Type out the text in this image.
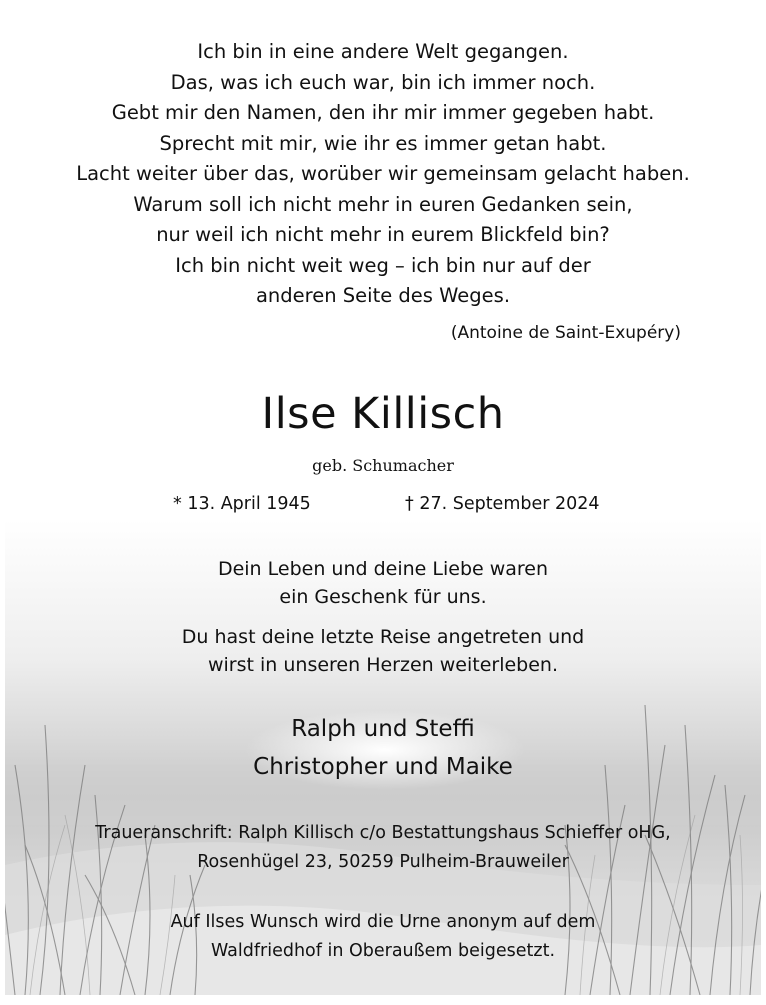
Ich bin in eine andere Welt gegangen.
Das, was ich euch war, bin ich immer noch.
Gebt mir den Namen, den ihr mir immer gegeben habt.
Sprecht mit mir, wie ihr es immer getan habt.
Lacht weiter über das, worüber wir gemeinsam gelacht haben.
Warum soll ich nicht mehr in euren Gedanken sein,
nur weil ich nicht mehr in eurem Blickfeld bin?
Ich bin nicht weit weg – ich bin nur auf der
anderen Seite des Weges.
(Antoine de Saint-Exupéry)
Ilse Killisch
geb. Schumacher
* 13. April 1945	† 27. September 2024
Dein Leben und deine Liebe waren
ein Geschenk für uns.
Du hast deine letzte Reise angetreten und
wirst in unseren Herzen weiterleben.
Ralph und Steffi
Christopher und Maike
Traueranschrift: Ralph Killisch c/o Bestattungshaus Schieffer oHG,
Rosenhügel 23, 50259 Pulheim-Brauweiler
Auf Ilses Wunsch wird die Urne anonym auf dem
Waldfriedhof in Oberaußem beigesetzt.
